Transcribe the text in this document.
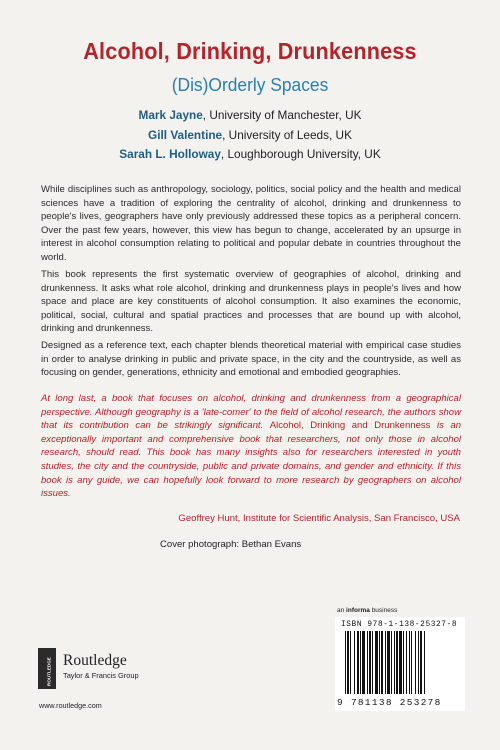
Alcohol, Drinking, Drunkenness
(Dis)Orderly Spaces
Mark Jayne, University of Manchester, UK
Gill Valentine, University of Leeds, UK
Sarah L. Holloway, Loughborough University, UK
While disciplines such as anthropology, sociology, politics, social policy and the health and medical sciences have a tradition of exploring the centrality of alcohol, drinking and drunkenness to people's lives, geographers have only previously addressed these topics as a peripheral concern. Over the past few years, however, this view has begun to change, accelerated by an upsurge in interest in alcohol consumption relating to political and popular debate in countries throughout the world.
This book represents the first systematic overview of geographies of alcohol, drinking and drunkenness. It asks what role alcohol, drinking and drunkenness plays in people's lives and how space and place are key constituents of alcohol consumption. It also examines the economic, political, social, cultural and spatial practices and processes that are bound up with alcohol, drinking and drunkenness.
Designed as a reference text, each chapter blends theoretical material with empirical case studies in order to analyse drinking in public and private space, in the city and the countryside, as well as focusing on gender, generations, ethnicity and emotional and embodied geographies.
At long last, a book that focuses on alcohol, drinking and drunkenness from a geographical perspective. Although geography is a 'late-comer' to the field of alcohol research, the authors show that its contribution can be strikingly significant. Alcohol, Drinking and Drunkenness is an exceptionally important and comprehensive book that researchers, not only those in alcohol research, should read. This book has many insights also for researchers interested in youth studies, the city and the countryside, public and private domains, and gender and ethnicity. If this book is any guide, we can hopefully look forward to more research by geographers on alcohol issues.
Geoffrey Hunt, Institute for Scientific Analysis, San Francisco, USA
Cover photograph: Bethan Evans
an informa business
ISBN 978-1-138-25327-8
9 781138 253278
ROUTLEDGE Routledge
Taylor & Francis Group
www.routledge.com
